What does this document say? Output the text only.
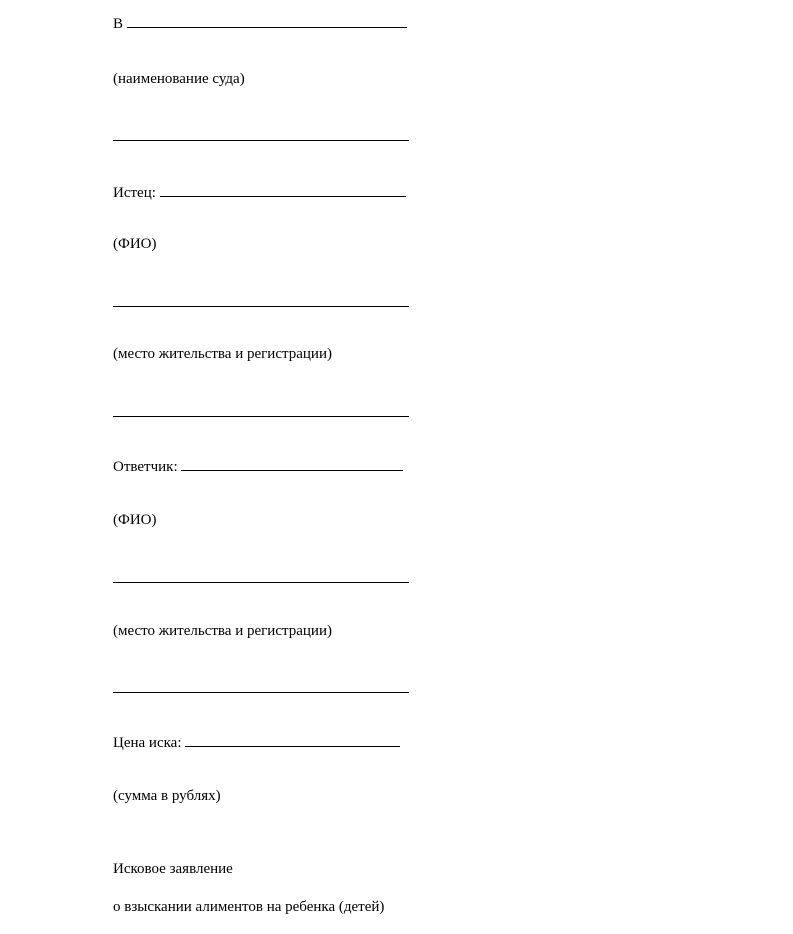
В
(наименование суда)
Истец:
(ФИО)
(место жительства и регистрации)
Ответчик:
(ФИО)
(место жительства и регистрации)
Цена иска:
(сумма в рублях)
Исковое заявление
о взыскании алиментов на ребенка (детей)
